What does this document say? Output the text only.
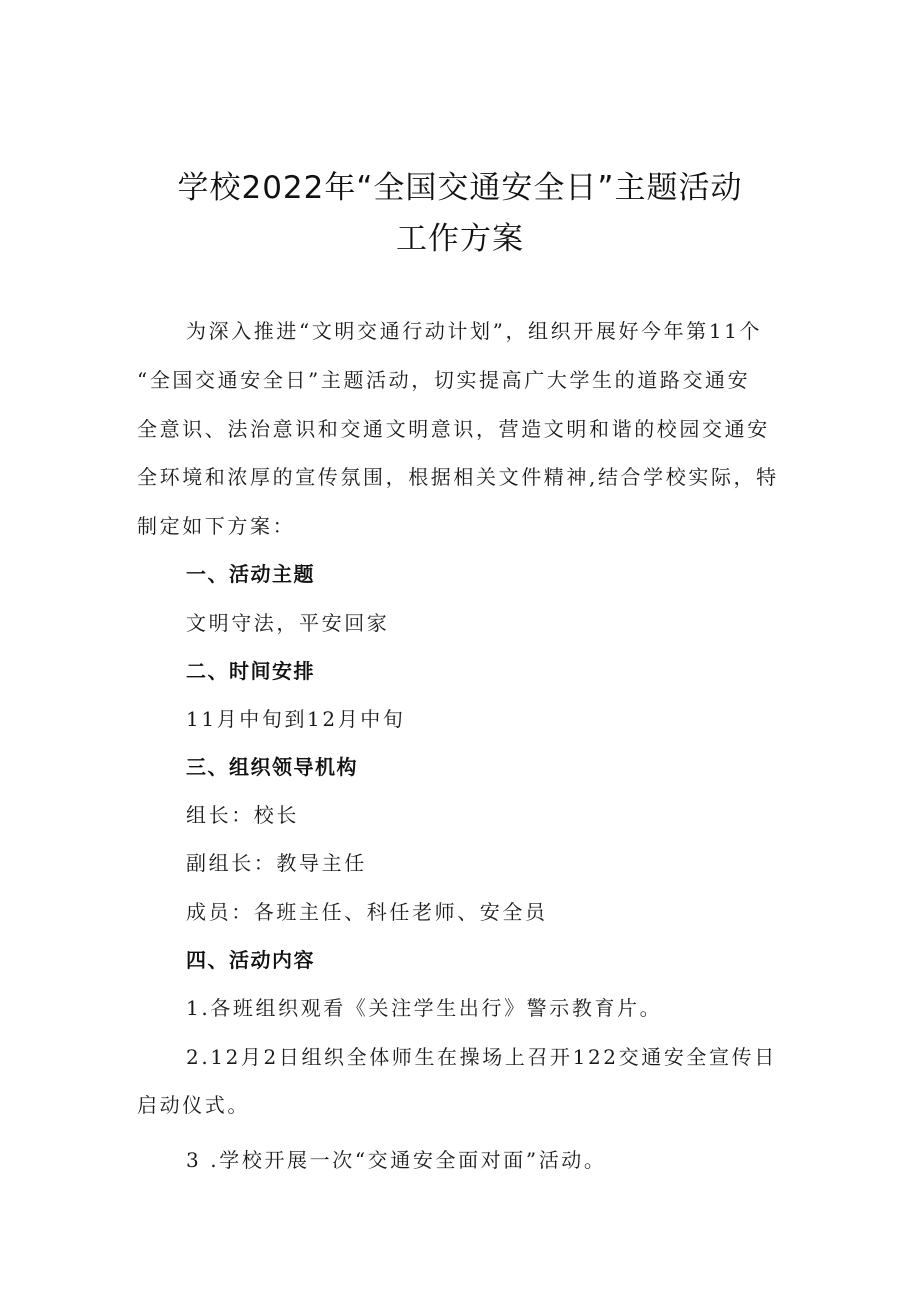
学校2022年“全国交通安全日”主题活动
工作方案
为深入推进“文明交通行动计划”，组织开展好今年第11个
“全国交通安全日”主题活动，切实提高广大学生的道路交通安
全意识、法治意识和交通文明意识，营造文明和谐的校园交通安
全环境和浓厚的宣传氛围，根据相关文件精神,结合学校实际，特
制定如下方案：
一、活动主题
文明守法，平安回家
二、时间安排
11月中旬到12月中旬
三、组织领导机构
组长：校长
副组长：教导主任
成员：各班主任、科任老师、安全员
四、活动内容
1.各班组织观看《关注学生出行》警示教育片。
2.12月2日组织全体师生在操场上召开122交通安全宣传日
启动仪式。
3 .学校开展一次“交通安全面对面”活动。
